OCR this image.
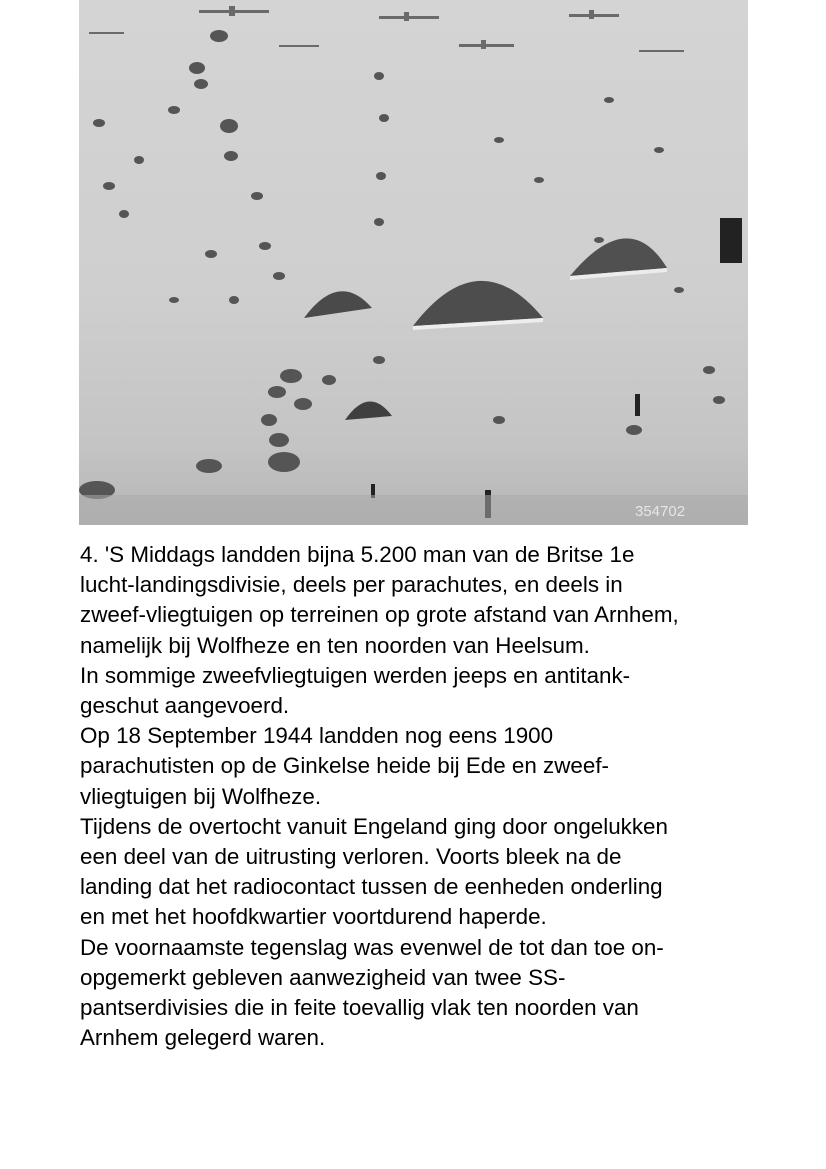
354702
4. 'S Middags landden bijna 5.200 man van de Britse 1e
lucht-landingsdivisie, deels per parachutes, en deels in
zweef-vliegtuigen op terreinen op grote afstand van Arnhem,
namelijk bij Wolfheze en ten noorden van Heelsum.
In sommige zweefvliegtuigen werden jeeps en antitank-
geschut aangevoerd.
Op 18 September 1944 landden nog eens 1900
parachutisten op de Ginkelse heide bij Ede en zweef-
vliegtuigen bij Wolfheze.
Tijdens de overtocht vanuit Engeland ging door ongelukken
een deel van de uitrusting verloren. Voorts bleek na de
landing dat het radiocontact tussen de eenheden onderling
en met het hoofdkwartier voortdurend haperde.
De voornaamste tegenslag was evenwel de tot dan toe on-
opgemerkt gebleven aanwezigheid van twee SS-
pantserdivisies die in feite toevallig vlak ten noorden van
Arnhem gelegerd waren.
